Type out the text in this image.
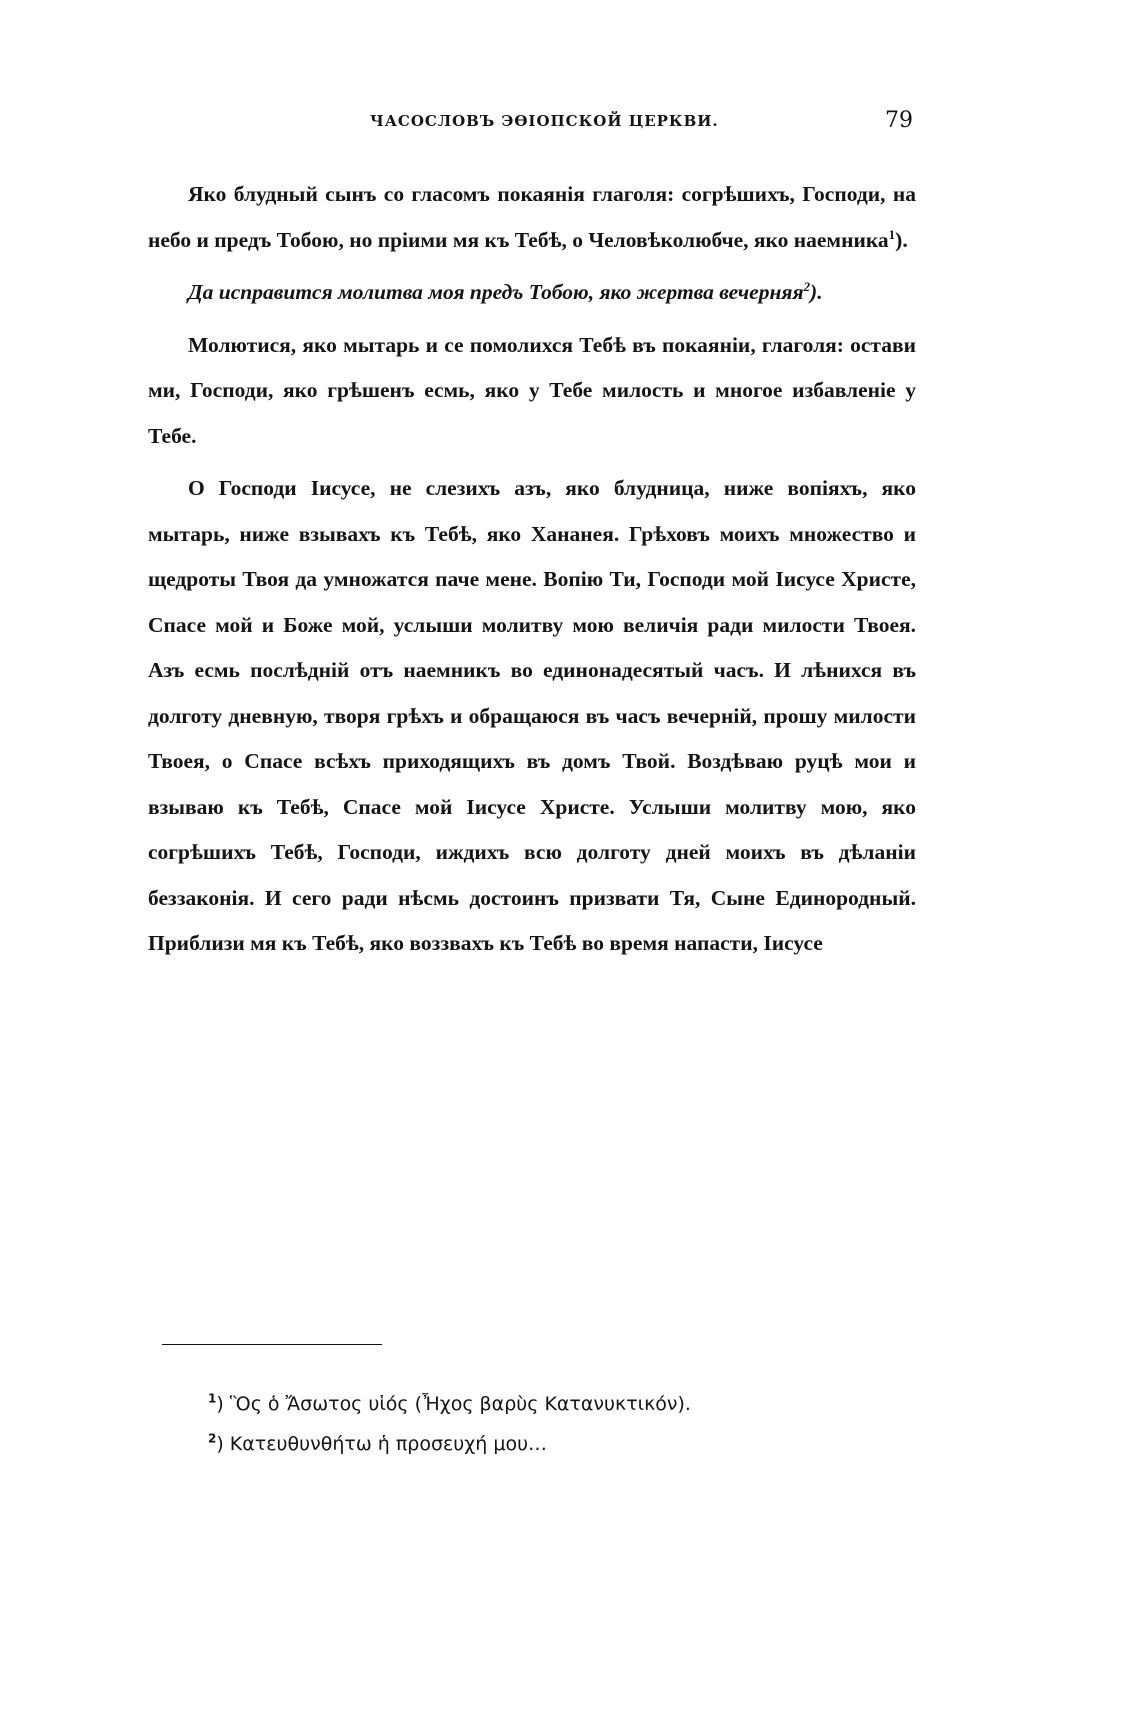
ЧАСОСЛОВЪ ЭѲІОПСКОЙ ЦЕРКВИ.	79

Яко блудный сынъ со гласомъ покаянія глаголя: согрѣшихъ, Господи, на небо и предъ Тобою, но пріими мя къ Тебѣ, о Человѣколюбче, яко наемника$^1$).

Да исправится молитва моя предъ Тобою, яко жертва вечерняя$^2$).

Молютися, яко мытарь и се помолихся Тебѣ въ покаяніи, глаголя: остави ми, Господи, яко грѣшенъ есмь, яко у Тебе милость и многое избавленіе у Тебе.

О Господи Іисусе, не слезихъ азъ, яко блудница, ниже вопіяхъ, яко мытарь, ниже взывахъ къ Тебѣ, яко Хананея. Грѣховъ моихъ множество и щедроты Твоя да умножатся паче мене. Вопію Ти, Господи мой Іисусе Христе, Спасе мой и Боже мой, услыши молитву мою величія ради милости Твоея. Азъ есмь послѣдній отъ наемникъ во единонадесятый часъ. И лѣнихся въ долготу дневную, творя грѣхъ и обращаюся въ часъ вечерній, прошу милости Твоея, о Спасе всѣхъ приходящихъ въ домъ Твой. Воздѣваю руцѣ мои и взываю къ Тебѣ, Спасе мой Іисусе Христе. Услыши молитву мою, яко согрѣшихъ Тебѣ, Господи, иждихъ всю долготу дней моихъ въ дѣланіи беззаконія. И сего ради нѣсмь достоинъ призвати Тя, Сыне Единородный. Приблизи мя къ Тебѣ, яко воззвахъ къ Тебѣ во время напасти, Іисусе

$^1$) Ὃς ὁ Ἄσωτος υἱός (Ἦχος βαρὺς Κατανυκτικόν).
$^2$) Κατευθυνθήτω ἡ προσευχή μου…
